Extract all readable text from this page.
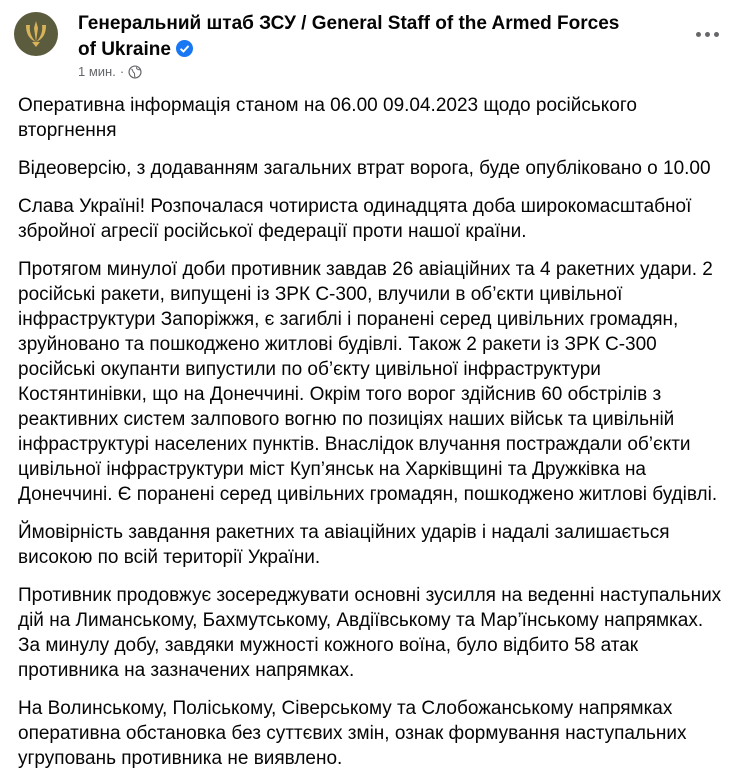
Генеральний штаб ЗСУ / General Staff of the Armed Forces of Ukraine
1 мин. ·

Оперативна інформація станом на 06.00 09.04.2023 щодо російського вторгнення

Відеоверсію, з додаванням загальних втрат ворога, буде опубліковано о 10.00

Слава Україні! Розпочалася чотириста одинадцята доба широкомасштабної збройної агресії російської федерації проти нашої країни.

Протягом минулої доби противник завдав 26 авіаційних та 4 ракетних удари. 2 російські ракети, випущені із ЗРК С-300, влучили в об’єкти цивільної інфраструктури Запоріжжя, є загиблі і поранені серед цивільних громадян, зруйновано та пошкоджено житлові будівлі. Також 2 ракети із ЗРК С-300 російські окупанти випустили по об’єкту цивільної інфраструктури Костянтинівки, що на Донеччині. Окрім того ворог здійснив 60 обстрілів з реактивних систем залпового вогню по позиціях наших військ та цивільній інфраструктурі населених пунктів. Внаслідок влучання постраждали об’єкти цивільної інфраструктури міст Куп’янськ на Харківщині та Дружківка на Донеччині. Є поранені серед цивільних громадян, пошкоджено житлові будівлі.

Ймовірність завдання ракетних та авіаційних ударів і надалі залишається високою по всій території України.

Противник продовжує зосереджувати основні зусилля на веденні наступальних дій на Лиманському, Бахмутському, Авдіївському та Мар’їнському напрямках. За минулу добу, завдяки мужності кожного воїна, було відбито 58 атак противника на зазначених напрямках.

На Волинському, Поліському, Сіверському та Слобожанському напрямках оперативна обстановка без суттєвих змін, ознак формування наступальних угруповань противника не виявлено.
